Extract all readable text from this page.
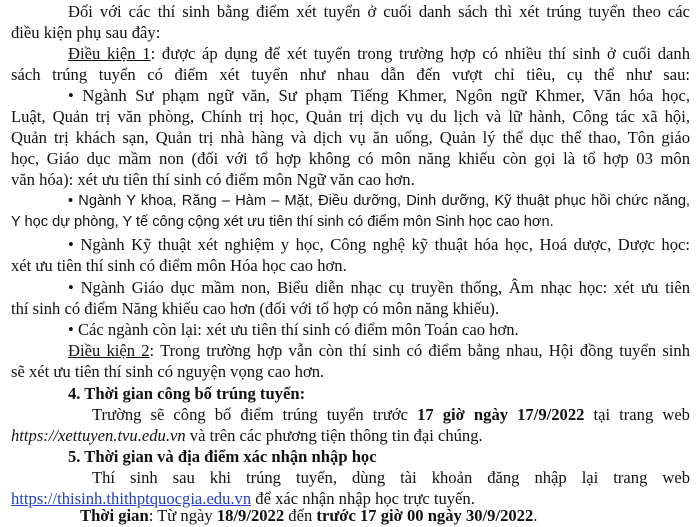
Đối với các thí sinh bằng điểm xét tuyển ở cuối danh sách thì xét trúng tuyển theo các
điều kiện phụ sau đây:
Điều kiện 1: được áp dụng để xét tuyển trong trường hợp có nhiều thí sinh ở cuối danh
sách trúng tuyển có điểm xét tuyển như nhau dẫn đến vượt chỉ tiêu, cụ thể như sau:
• Ngành Sư phạm ngữ văn, Sư phạm Tiếng Khmer, Ngôn ngữ Khmer, Văn hóa học,
Luật, Quản trị văn phòng, Chính trị học, Quản trị dịch vụ du lịch và lữ hành, Công tác xã hội,
Quản trị khách sạn, Quản trị nhà hàng và dịch vụ ăn uống, Quản lý thể dục thể thao, Tôn giáo
học, Giáo dục mầm non (đối với tổ hợp không có môn năng khiếu còn gọi là tổ hợp 03 môn
văn hóa): xét ưu tiên thí sinh có điểm môn Ngữ văn cao hơn.
• Ngành Y khoa, Răng – Hàm – Mặt, Điều dưỡng, Dinh dưỡng, Kỹ thuật phục hồi chức năng,
Y học dự phòng, Y tế công cộng xét ưu tiên thí sinh có điểm môn Sinh học cao hơn.
• Ngành Kỹ thuật xét nghiệm y học, Công nghệ kỹ thuật hóa học, Hoá dược, Dược học:
xét ưu tiên thí sinh có điểm môn Hóa học cao hơn.
• Ngành Giáo dục mầm non, Biểu diễn nhạc cụ truyền thống, Âm nhạc học: xét ưu tiên
thí sinh có điểm Năng khiếu cao hơn (đối với tổ hợp có môn năng khiếu).
• Các ngành còn lại: xét ưu tiên thí sinh có điểm môn Toán cao hơn.
Điều kiện 2: Trong trường hợp vẫn còn thí sinh có điểm bằng nhau, Hội đồng tuyển sinh
sẽ xét ưu tiên thí sinh có nguyện vọng cao hơn.
4. Thời gian công bố trúng tuyển:
Trường sẽ công bố điểm trúng tuyển trước 17 giờ ngày 17/9/2022 tại trang web
https://xettuyen.tvu.edu.vn và trên các phương tiện thông tin đại chúng.
5. Thời gian và địa điểm xác nhận nhập học
Thí sinh sau khi trúng tuyển, dùng tài khoản đăng nhập lại trang web
https://thisinh.thithptquocgia.edu.vn để xác nhận nhập học trực tuyến.
Thời gian: Từ ngày 18/9/2022 đến trước 17 giờ 00 ngày 30/9/2022.
